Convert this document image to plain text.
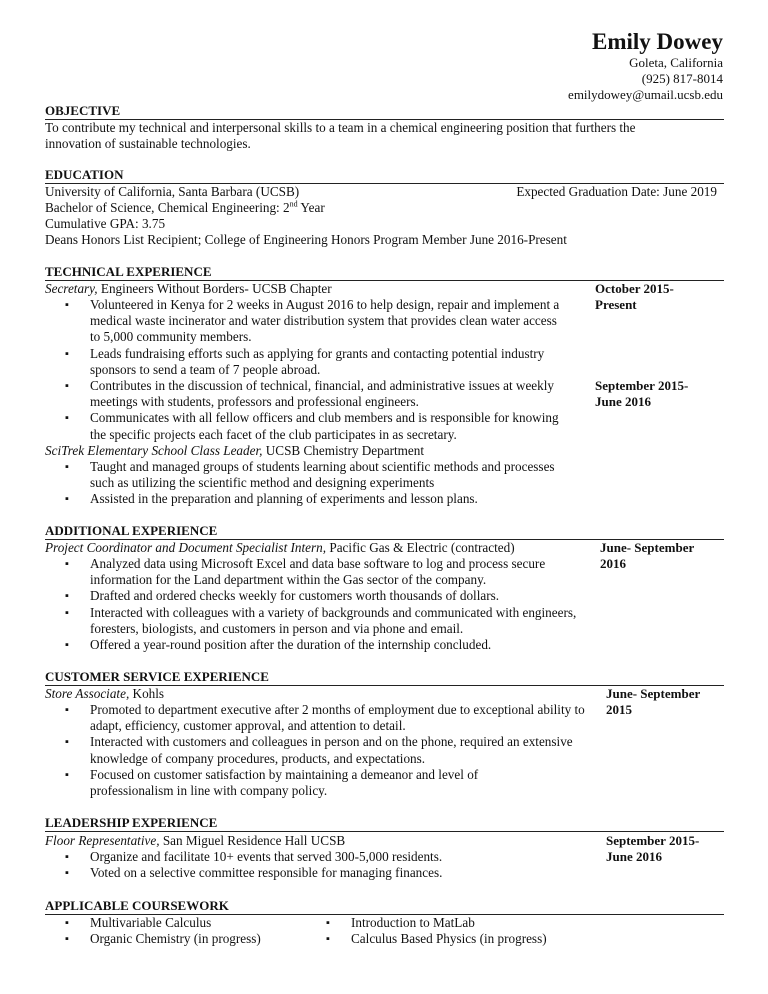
Emily Dowey
Goleta, California
(925) 817-8014
emilydowey@umail.ucsb.edu
OBJECTIVE
To contribute my technical and interpersonal skills to a team in a chemical engineering position that furthers the
innovation of sustainable technologies.
EDUCATION
University of California, Santa Barbara (UCSB)	Expected Graduation Date: June 2019
Bachelor of Science, Chemical Engineering: 2nd Year
Cumulative GPA: 3.75
Deans Honors List Recipient; College of Engineering Honors Program Member June 2016-Present
TECHNICAL EXPERIENCE
Secretary, Engineers Without Borders- UCSB Chapter	October 2015- Present
▪ Volunteered in Kenya for 2 weeks in August 2016 to help design, repair and implement a medical waste incinerator and water distribution system that provides clean water access to 5,000 community members.
▪ Leads fundraising efforts such as applying for grants and contacting potential industry sponsors to send a team of 7 people abroad.
▪ Contributes in the discussion of technical, financial, and administrative issues at weekly meetings with students, professors and professional engineers.
▪ Communicates with all fellow officers and club members and is responsible for knowing the specific projects each facet of the club participates in as secretary.
September 2015- June 2016
SciTrek Elementary School Class Leader, UCSB Chemistry Department
▪ Taught and managed groups of students learning about scientific methods and processes such as utilizing the scientific method and designing experiments
▪ Assisted in the preparation and planning of experiments and lesson plans.
ADDITIONAL EXPERIENCE
Project Coordinator and Document Specialist Intern, Pacific Gas & Electric (contracted)	June- September 2016
▪ Analyzed data using Microsoft Excel and data base software to log and process secure information for the Land department within the Gas sector of the company.
▪ Drafted and ordered checks weekly for customers worth thousands of dollars.
▪ Interacted with colleagues with a variety of backgrounds and communicated with engineers, foresters, biologists, and customers in person and via phone and email.
▪ Offered a year-round position after the duration of the internship concluded.
CUSTOMER SERVICE EXPERIENCE
Store Associate, Kohls	June- September 2015
▪ Promoted to department executive after 2 months of employment due to exceptional ability to adapt, efficiency, customer approval, and attention to detail.
▪ Interacted with customers and colleagues in person and on the phone, required an extensive knowledge of company procedures, products, and expectations.
▪ Focused on customer satisfaction by maintaining a demeanor and level of professionalism in line with company policy.
LEADERSHIP EXPERIENCE
Floor Representative, San Miguel Residence Hall UCSB	September 2015- June 2016
▪ Organize and facilitate 10+ events that served 300-5,000 residents.
▪ Voted on a selective committee responsible for managing finances.
APPLICABLE COURSEWORK
▪ Multivariable Calculus
▪ Organic Chemistry (in progress)
▪ Introduction to MatLab
▪ Calculus Based Physics (in progress)
